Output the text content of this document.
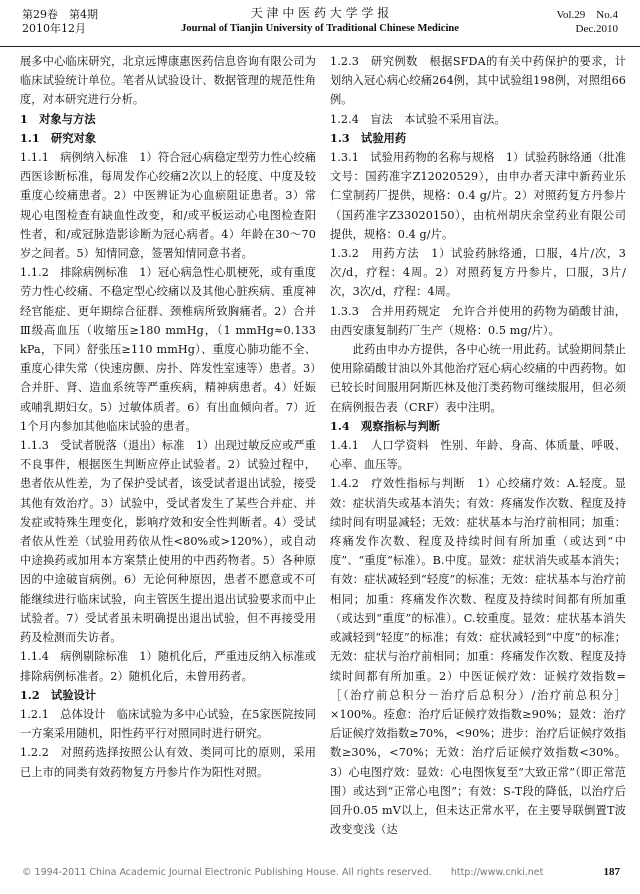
第29卷　第4期
2010年12月
天 津 中 医 药 大 学 学 报
Journal of Tianjin University of Traditional Chinese Medicine
Vol.29　No.4
Dec.2010

展多中心临床研究，北京远博康惠医药信息咨询有限公司为临床试验统计单位。笔者从试验设计、数据管理的规范性角度，对本研究进行分析。

1　对象与方法

1.1　研究对象

1.1.1　病例纳入标准　1）符合冠心病稳定型劳力性心绞痛西医诊断标准，每周发作心绞痛2次以上的轻度、中度及较重度心绞痛患者。2）中医辨证为心血瘀阻证患者。3）常规心电图检查有缺血性改变，和/或平板运动心电图检查阳性者，和/或冠脉造影诊断为冠心病者。4）年龄在30～70岁之间者。5）知情同意，签署知情同意书者。

1.1.2　排除病例标准　1）冠心病急性心肌梗死，或有重度劳力性心绞痛、不稳定型心绞痛以及其他心脏疾病、重度神经官能症、更年期综合征群、颈椎病所致胸痛者。2）合并Ⅲ级高血压（收缩压≥180 mmHg，（1 mmHg≈0.133 kPa，下同）舒张压≥110 mmHg）、重度心肺功能不全、重度心律失常（快速房颤、房扑、阵发性室速等）患者。3）合并肝、肾、造血系统等严重疾病，精神病患者。4）妊娠或哺乳期妇女。5）过敏体质者。6）有出血倾向者。7）近1个月内参加其他临床试验的患者。

1.1.3　受试者脱落（退出）标准　1）出现过敏反应或严重不良事件，根据医生判断应停止试验者。2）试验过程中，患者依从性差，为了保护受试者，该受试者退出试验，接受其他有效治疗。3）试验中，受试者发生了某些合并症、并发症或特殊生理变化，影响疗效和安全性判断者。4）受试者依从性差（试验用药依从性<80%或>120%），或自动中途换药或加用本方案禁止使用的中西药物者。5）各种原因的中途破盲病例。6）无论何种原因，患者不愿意或不可能继续进行临床试验，向主管医生提出退出试验要求而中止试验者。7）受试者虽未明确提出退出试验，但不再接受用药及检测而失访者。

1.1.4　病例剔除标准　1）随机化后，严重违反纳入标准或排除病例标准者。2）随机化后，未曾用药者。

1.2　试验设计

1.2.1　总体设计　临床试验为多中心试验，在5家医院按同一方案采用随机，阳性药平行对照同时进行研究。

1.2.2　对照药选择按照公认有效、类同可比的原则，采用已上市的同类有效药物复方丹参片作为阳性对照。

1.2.3　研究例数　根据SFDA的有关中药保护的要求，计划纳入冠心病心绞痛264例，其中试验组198例，对照组66例。

1.2.4　盲法　本试验不采用盲法。

1.3　试验用药

1.3.1　试验用药物的名称与规格　1）试验药脉络通（批准文号：国药准字Z12020529），由申办者天津中新药业乐仁堂制药厂提供，规格：0.4 g/片。2）对照药复方丹参片（国药准字Z33020150），由杭州胡庆余堂药业有限公司提供，规格：0.4 g/片。

1.3.2　用药方法　1）试验药脉络通，口服，4片/次，3次/d，疗程：4周。2）对照药复方丹参片，口服，3片/次，3次/d，疗程：4周。

1.3.3　合并用药规定　允许合并使用的药物为硝酸甘油，由西安康复制药厂生产（规格：0.5 mg/片）。

　　此药由申办方提供，各中心统一用此药。试验期间禁止使用除硝酸甘油以外其他治疗冠心病心绞痛的中西药物。如已较长时间服用阿斯匹林及他汀类药物可继续服用，但必须在病例报告表（CRF）表中注明。

1.4　观察指标与判断

1.4.1　人口学资料　性别、年龄、身高、体质量、呼吸、心率、血压等。

1.4.2　疗效性指标与判断　1）心绞痛疗效：A.轻度。显效：症状消失或基本消失；有效：疼痛发作次数、程度及持续时间有明显减轻；无效：症状基本与治疗前相同；加重：疼痛发作次数、程度及持续时间有所加重（或达到“中度”、“重度”标准）。B.中度。显效：症状消失或基本消失；有效：症状减轻到“轻度”的标准；无效：症状基本与治疗前相同；加重：疼痛发作次数、程度及持续时间都有所加重（或达到“重度”的标准）。C.较重度。显效：症状基本消失或减轻到“轻度”的标准；有效：症状减轻到“中度”的标准；无效：症状与治疗前相同；加重：疼痛发作次数、程度及持续时间都有所加重。2）中医证候疗效：证候疗效指数=［（治疗前总积分－治疗后总积分）/治疗前总积分］×100%。痊愈：治疗后证候疗效指数≥90%；显效：治疗后证候疗效指数≥70%，<90%；进步：治疗后证候疗效指数≥30%，<70%；无效：治疗后证候疗效指数<30%。3）心电图疗效：显效：心电图恢复至“大致正常”（即正常范围）或达到“正常心电图”；有效：S-T段的降低，以治疗后回升0.05 mV以上，但未达正常水平，在主要导联倒置T波改变变浅（达

© 1994-2011 China Academic Journal Electronic Publishing House. All rights reserved.　　http://www.cnki.net	187
